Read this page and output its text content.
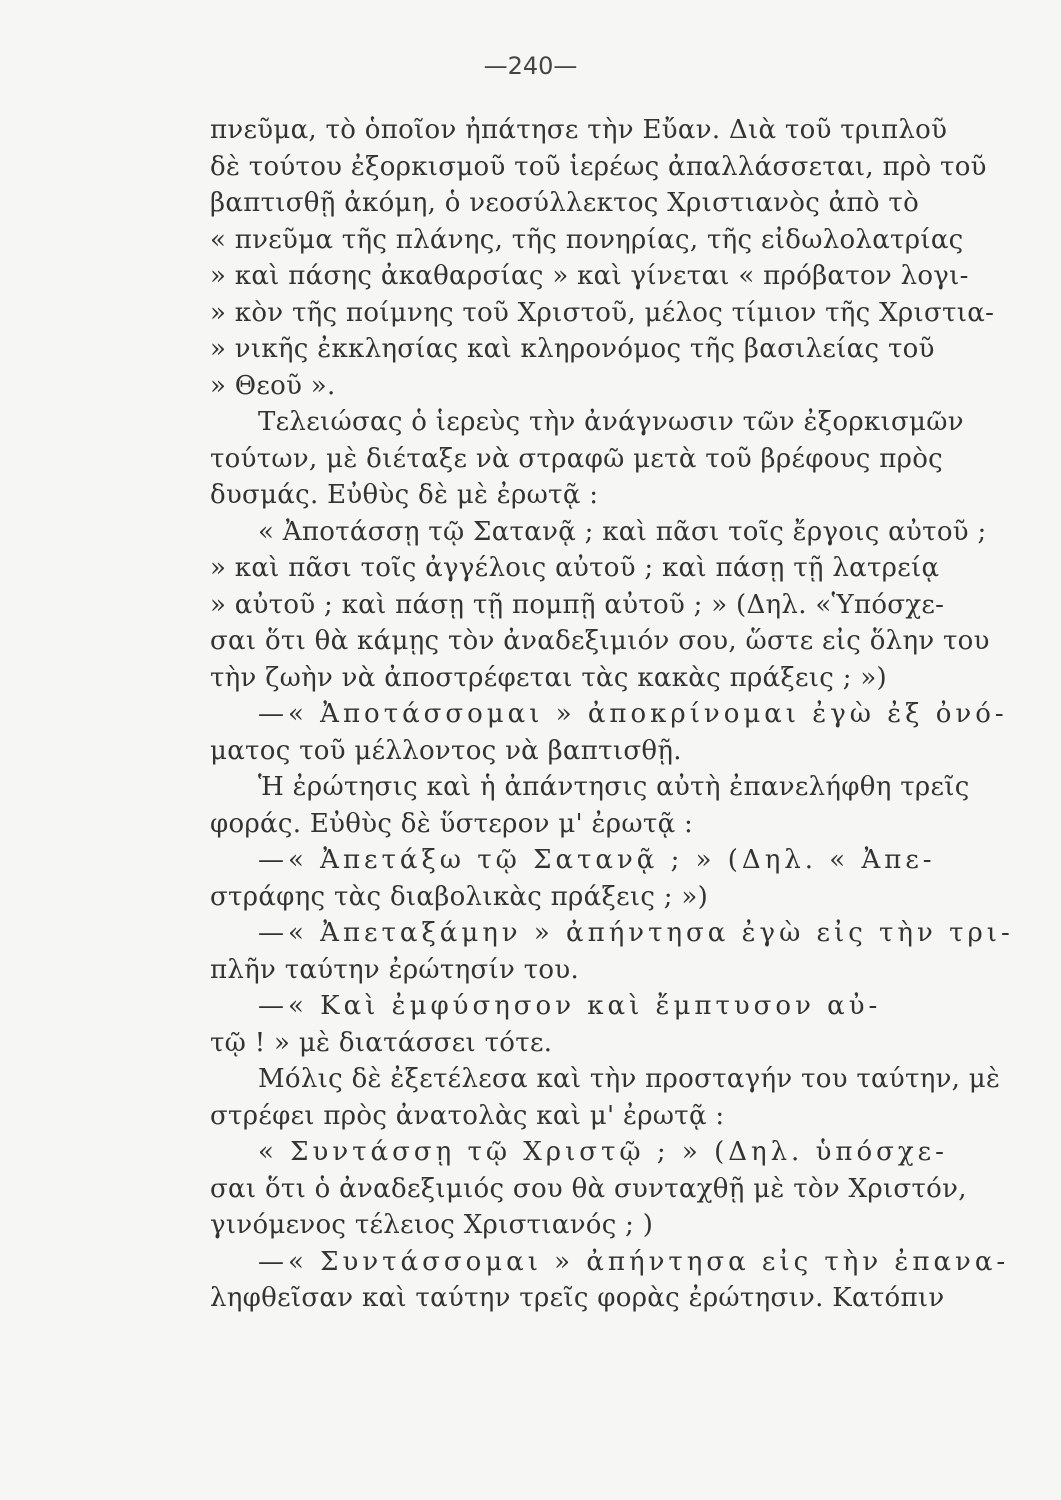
—240—
πνεῦμα, τὸ ὁποῖον ἠπάτησε τὴν Εὔαν. Διὰ τοῦ τριπλοῦ
δὲ τούτου ἐξορκισμοῦ τοῦ ἱερέως ἀπαλλάσσεται, πρὸ τοῦ
βαπτισθῇ ἀκόμη, ὁ νεοσύλλεκτος Χριστιανὸς ἀπὸ τὸ
« πνεῦμα τῆς πλάνης, τῆς πονηρίας, τῆς εἰδωλολατρίας
» καὶ πάσης ἀκαθαρσίας » καὶ γίνεται « πρόβατον λογι-
» κὸν τῆς ποίμνης τοῦ Χριστοῦ, μέλος τίμιον τῆς Χριστια-
» νικῆς ἐκκλησίας καὶ κληρονόμος τῆς βασιλείας τοῦ
» Θεοῦ ».
Τελειώσας ὁ ἱερεὺς τὴν ἀνάγνωσιν τῶν ἐξορκισμῶν
τούτων, μὲ διέταξε νὰ στραφῶ μετὰ τοῦ βρέφους πρὸς
δυσμάς. Εὐθὺς δὲ μὲ ἐρωτᾷ :
« Ἀποτάσσῃ τῷ Σατανᾷ ; καὶ πᾶσι τοῖς ἔργοις αὐτοῦ ;
» καὶ πᾶσι τοῖς ἀγγέλοις αὐτοῦ ; καὶ πάσῃ τῇ λατρείᾳ
» αὐτοῦ ; καὶ πάσῃ τῇ πομπῇ αὐτοῦ ; » (Δηλ. «Ὑπόσχε-
σαι ὅτι θὰ κάμῃς τὸν ἀναδεξιμιόν σου, ὥστε εἰς ὅλην του
τὴν ζωὴν νὰ ἀποστρέφεται τὰς κακὰς πράξεις ; »)
—« Ἀποτάσσομαι » ἀποκρίνομαι ἐγὼ ἐξ ὀνό-
ματος τοῦ μέλλοντος νὰ βαπτισθῇ.
Ἡ ἐρώτησις καὶ ἡ ἀπάντησις αὐτὴ ἐπανελήφθη τρεῖς
φοράς. Εὐθὺς δὲ ὕστερον μ' ἐρωτᾷ :
—« Ἀπετάξω τῷ Σατανᾷ ; » (Δηλ. « Ἀπε-
στράφης τὰς διαβολικὰς πράξεις ; »)
—« Ἀπεταξάμην » ἀπήντησα ἐγὼ εἰς τὴν τρι-
πλῆν ταύτην ἐρώτησίν του.
—« Καὶ ἐμφύσησον καὶ ἔμπτυσον αὐ-
τῷ ! » μὲ διατάσσει τότε.
Μόλις δὲ ἐξετέλεσα καὶ τὴν προσταγήν του ταύτην, μὲ
στρέφει πρὸς ἀνατολὰς καὶ μ' ἐρωτᾷ :
« Συντάσσῃ τῷ Χριστῷ ; » (Δηλ. ὑπόσχε-
σαι ὅτι ὁ ἀναδεξιμιός σου θὰ συνταχθῇ μὲ τὸν Χριστόν,
γινόμενος τέλειος Χριστιανός ; )
—« Συντάσσομαι » ἀπήντησα εἰς τὴν ἐπανα-
ληφθεῖσαν καὶ ταύτην τρεῖς φορὰς ἐρώτησιν. Κατόπιν
